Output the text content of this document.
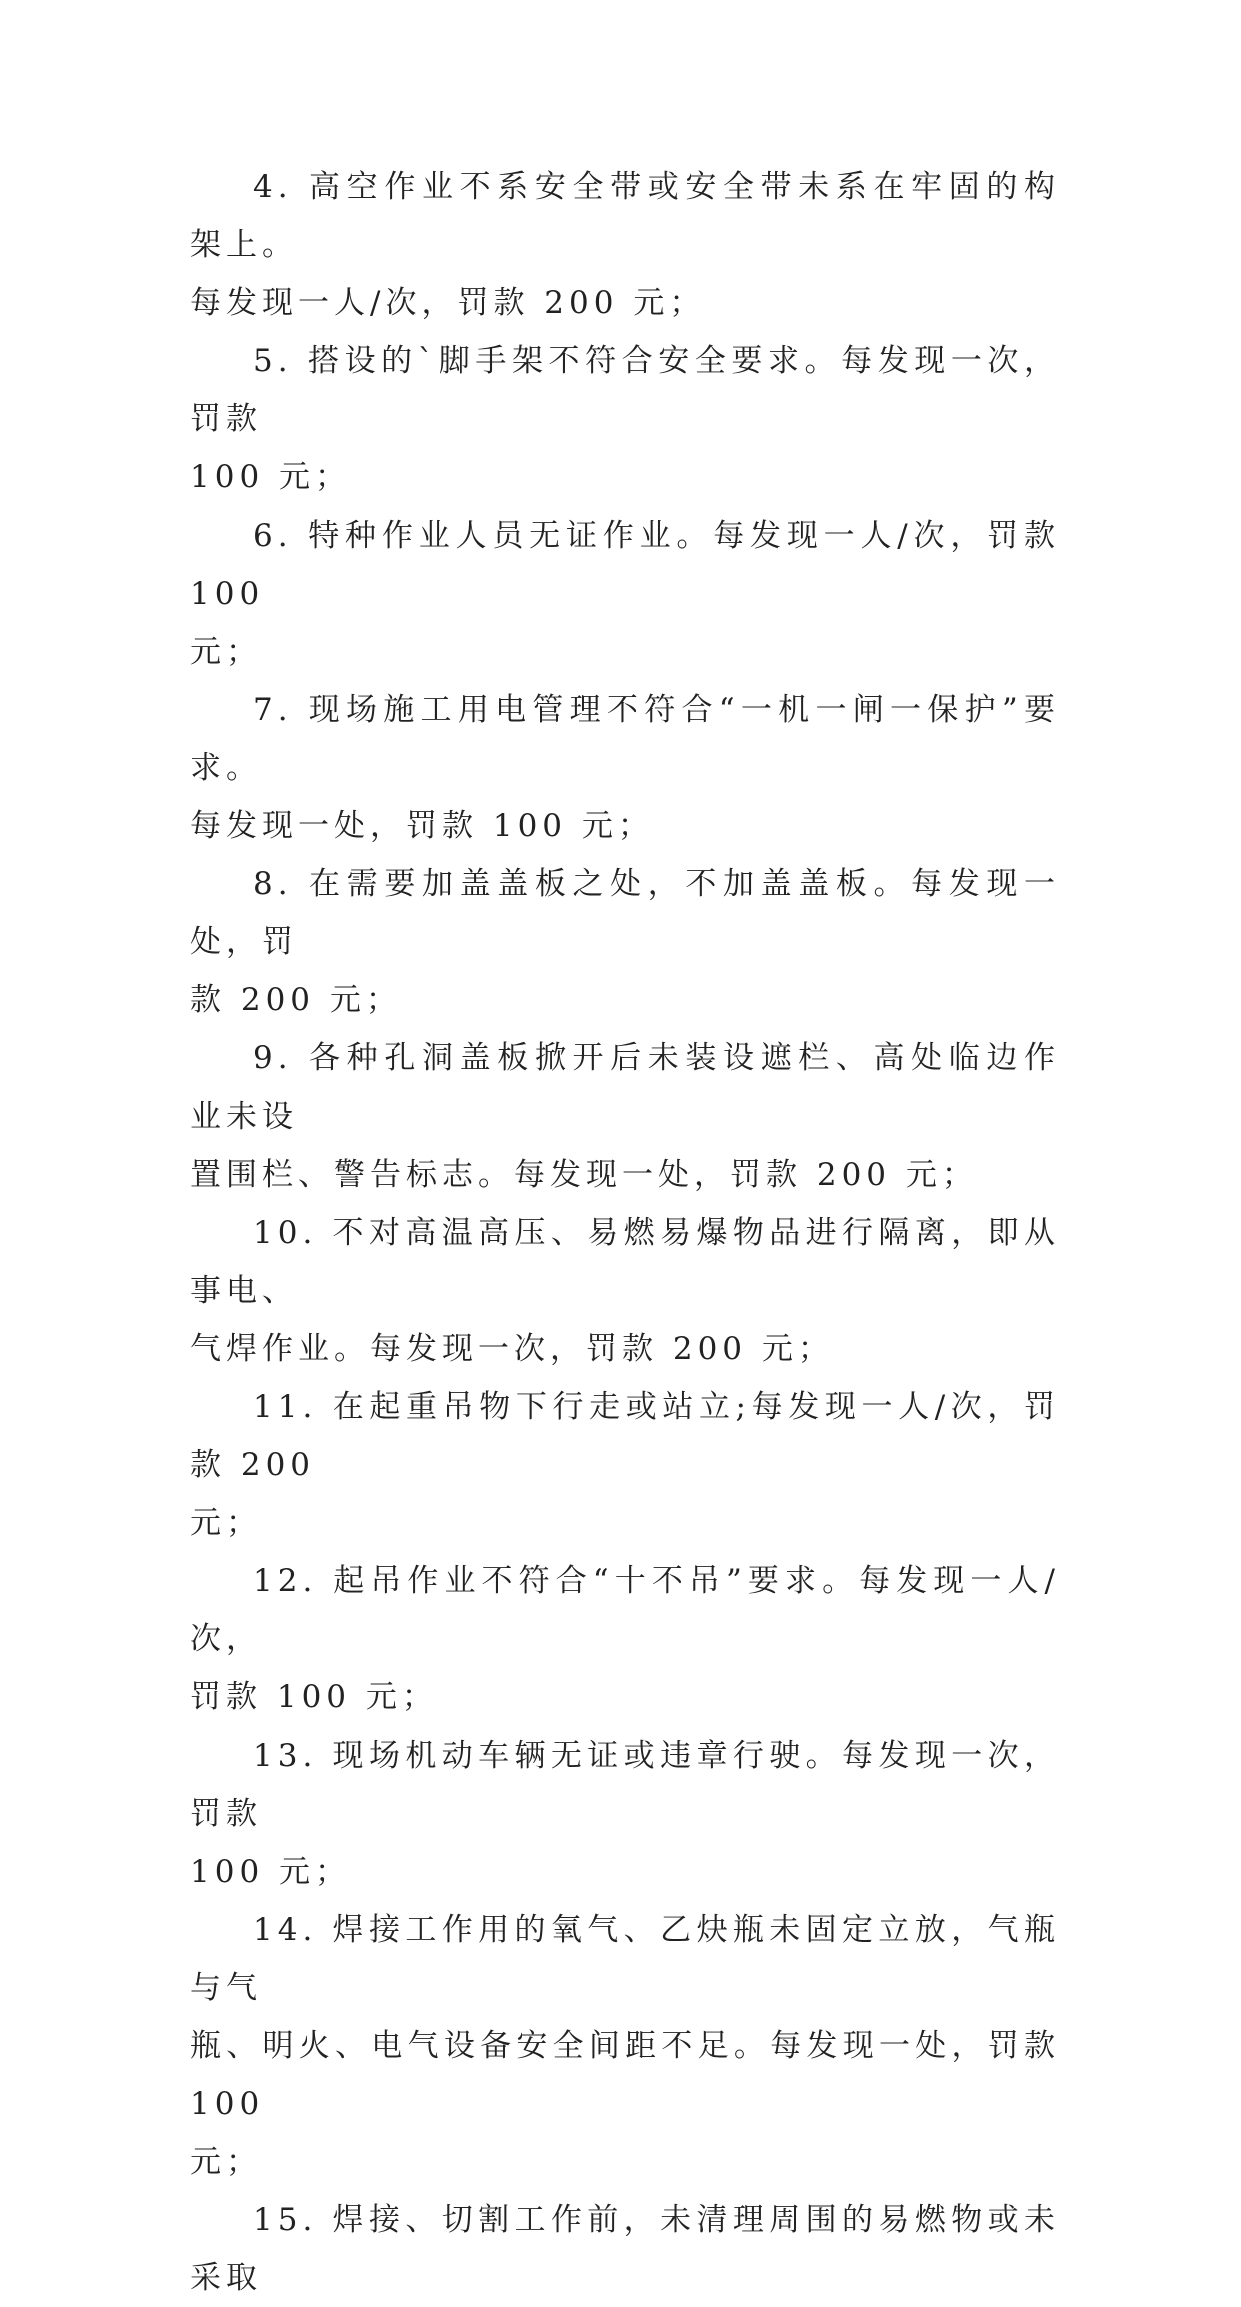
4. 高空作业不系安全带或安全带未系在牢固的构架上。
每发现一人/次，罚款 200 元；

5. 搭设的`脚手架不符合安全要求。每发现一次，罚款
100 元；

6. 特种作业人员无证作业。每发现一人/次，罚款 100
元；

7. 现场施工用电管理不符合“一机一闸一保护”要求。
每发现一处，罚款 100 元；

8. 在需要加盖盖板之处，不加盖盖板。每发现一处，罚
款 200 元；

9. 各种孔洞盖板掀开后未装设遮栏、高处临边作业未设
置围栏、警告标志。每发现一处，罚款 200 元；

10. 不对高温高压、易燃易爆物品进行隔离，即从事电、
气焊作业。每发现一次，罚款 200 元；

11. 在起重吊物下行走或站立;每发现一人/次，罚款 200
元；

12. 起吊作业不符合“十不吊”要求。每发现一人/次，
罚款 100 元；

13. 现场机动车辆无证或违章行驶。每发现一次，罚款
100 元；

14. 焊接工作用的氧气、乙炔瓶未固定立放，气瓶与气
瓶、明火、电气设备安全间距不足。每发现一处，罚款 100
元；

15. 焊接、切割工作前，未清理周围的易燃物或未采取
